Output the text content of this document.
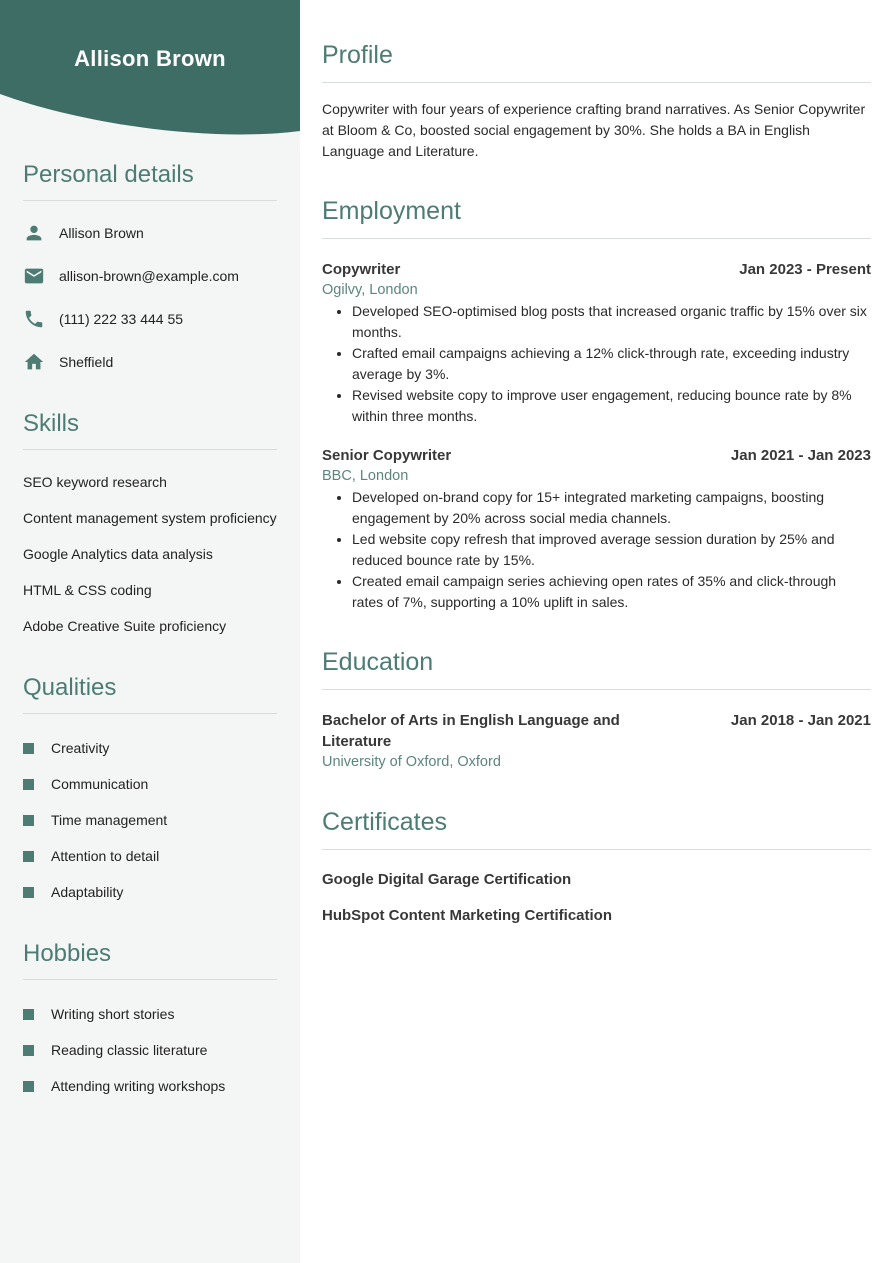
Allison Brown
Personal details
Allison Brown
allison-brown@example.com
(111) 222 33 444 55
Sheffield
Skills
SEO keyword research
Content management system proficiency
Google Analytics data analysis
HTML & CSS coding
Adobe Creative Suite proficiency
Qualities
Creativity
Communication
Time management
Attention to detail
Adaptability
Hobbies
Writing short stories
Reading classic literature
Attending writing workshops
Profile

Copywriter with four years of experience crafting brand narratives. As Senior Copywriter at Bloom & Co, boosted social engagement by 30%. She holds a BA in English Language and Literature.

Employment
Copywriter	Jan 2023 - Present
Ogilvy, London
• Developed SEO-optimised blog posts that increased organic traffic by 15% over six months.
• Crafted email campaigns achieving a 12% click-through rate, exceeding industry average by 3%.
• Revised website copy to improve user engagement, reducing bounce rate by 8% within three months.
Senior Copywriter	Jan 2021 - Jan 2023
BBC, London
• Developed on-brand copy for 15+ integrated marketing campaigns, boosting engagement by 20% across social media channels.
• Led website copy refresh that improved average session duration by 25% and reduced bounce rate by 15%.
• Created email campaign series achieving open rates of 35% and click-through rates of 7%, supporting a 10% uplift in sales.
Education
Bachelor of Arts in English Language and Literature
Jan 2018 - Jan 2021
University of Oxford, Oxford
Certificates
Google Digital Garage Certification
HubSpot Content Marketing Certification
